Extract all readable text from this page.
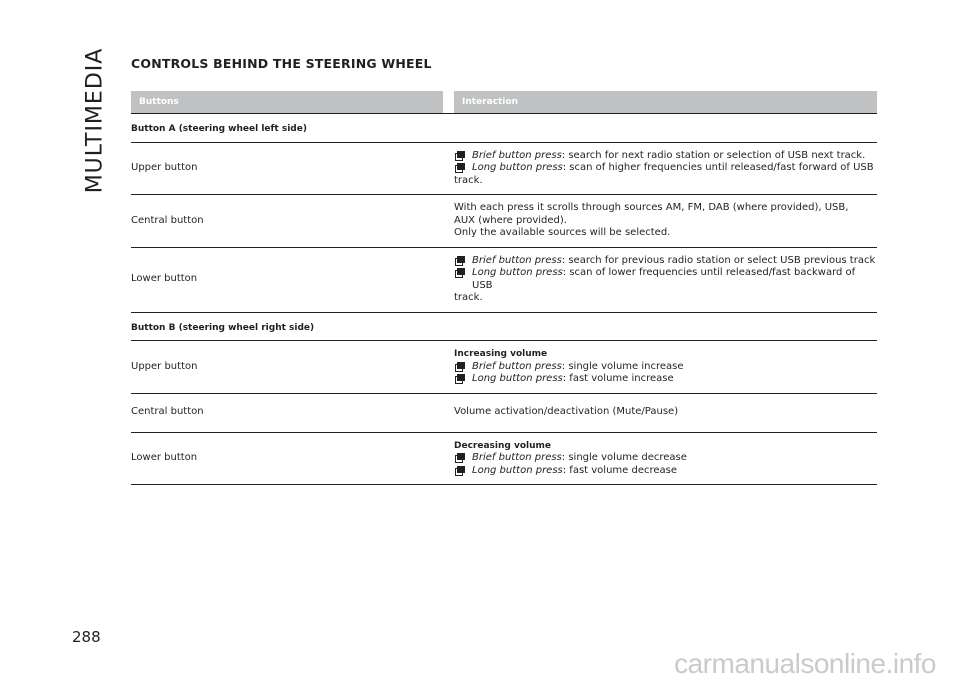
MULTIMEDIA CONTROLS BEHIND THE STEERING WHEEL
Buttons	Interaction
Button A (steering wheel left side)
Upper button
Brief button press: search for next radio station or selection of USB next track.
Long button press: scan of higher frequencies until released/fast forward of USB
track.
Central button
With each press it scrolls through sources AM, FM, DAB (where provided), USB,
AUX (where provided).
Only the available sources will be selected.
Lower button
Brief button press: search for previous radio station or select USB previous track
Long button press: scan of lower frequencies until released/fast backward of USB
track.
Button B (steering wheel right side)
Upper button
Increasing volume
Brief button press: single volume increase
Long button press: fast volume increase
Central button	Volume activation/deactivation (Mute/Pause)
Lower button
Decreasing volume
Brief button press: single volume decrease
Long button press: fast volume decrease
288
carmanualsonline.info
